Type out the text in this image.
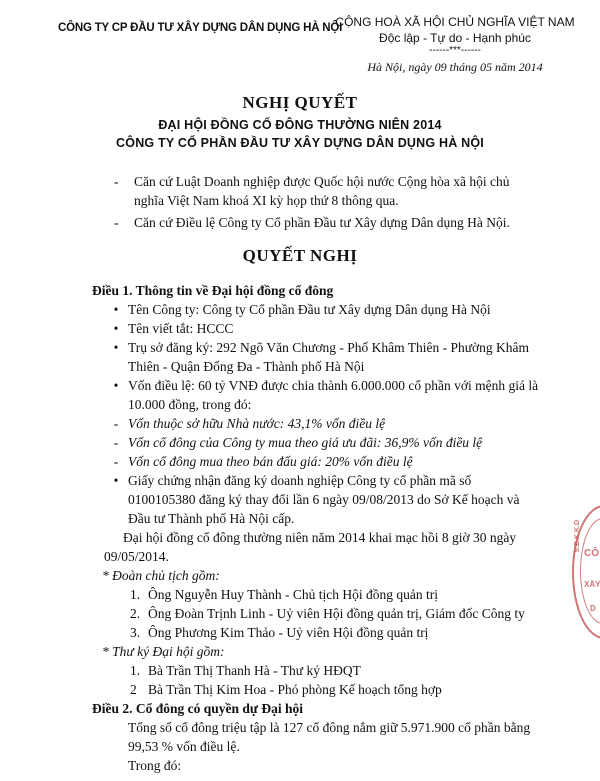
CÔNG TY CP ĐẦU TƯ XÂY DỰNG DÂN DỤNG HÀ NỘI
CỘNG HOÀ XÃ HỘI CHỦ NGHĨA VIỆT NAM
Độc lập - Tự do - Hạnh phúc
------***------
Hà Nội, ngày 09 tháng 05 năm 2014
NGHỊ QUYẾT
ĐẠI HỘI ĐỒNG CỔ ĐÔNG THƯỜNG NIÊN 2014
CÔNG TY CỔ PHẦN ĐẦU TƯ XÂY DỰNG DÂN DỤNG HÀ NỘI
- Căn cứ Luật Doanh nghiệp được Quốc hội nước Cộng hòa xã hội chủ nghĩa Việt Nam khoá XI kỳ họp thứ 8 thông qua.
- Căn cứ Điều lệ Công ty Cổ phần Đầu tư Xây dựng Dân dụng Hà Nội.
QUYẾT NGHỊ
Điều 1. Thông tin về Đại hội đồng cổ đông
• Tên Công ty: Công ty Cổ phần Đầu tư Xây dựng Dân dụng Hà Nội
• Tên viết tắt: HCCC
• Trụ sở đăng ký: 292 Ngõ Văn Chương - Phố Khâm Thiên - Phường Khâm Thiên - Quận Đống Đa - Thành phố Hà Nội
• Vốn điều lệ: 60 tỷ VNĐ được chia thành 6.000.000 cổ phần với mệnh giá là 10.000 đồng, trong đó:
- Vốn thuộc sở hữu Nhà nước: 43,1% vốn điều lệ
- Vốn cổ đông của Công ty mua theo giá ưu đãi: 36,9% vốn điều lệ
- Vốn cổ đông mua theo bán đấu giá: 20% vốn điều lệ
• Giấy chứng nhận đăng ký doanh nghiệp Công ty cổ phần mã số 0100105380 đăng ký thay đổi lần 6 ngày 09/08/2013 do Sở Kế hoạch và Đầu tư Thành phố Hà Nội cấp.
Đại hội đồng cổ đông thường niên năm 2014 khai mạc hồi 8 giờ 30 ngày 09/05/2014.
* Đoàn chủ tịch gồm:
1. Ông Nguyễn Huy Thành - Chủ tịch Hội đồng quản trị
2. Ông Đoàn Trịnh Linh - Uỷ viên Hội đồng quản trị, Giám đốc Công ty
3. Ông Phương Kim Thảo - Uỷ viên Hội đồng quản trị
* Thư ký Đại hội gồm:
1. Bà Trần Thị Thanh Hà - Thư ký HĐQT
2 Bà Trần Thị Kim Hoa - Phó phòng Kế hoạch tổng hợp
Điều 2. Cổ đông có quyền dự Đại hội
Tổng số cổ đông triệu tập là 127 cổ đông nắm giữ 5.971.900 cổ phần bằng 99,53 % vốn điều lệ.
Trong đó:
S.Đ.K.K.D
CÔ
XÂY
D
